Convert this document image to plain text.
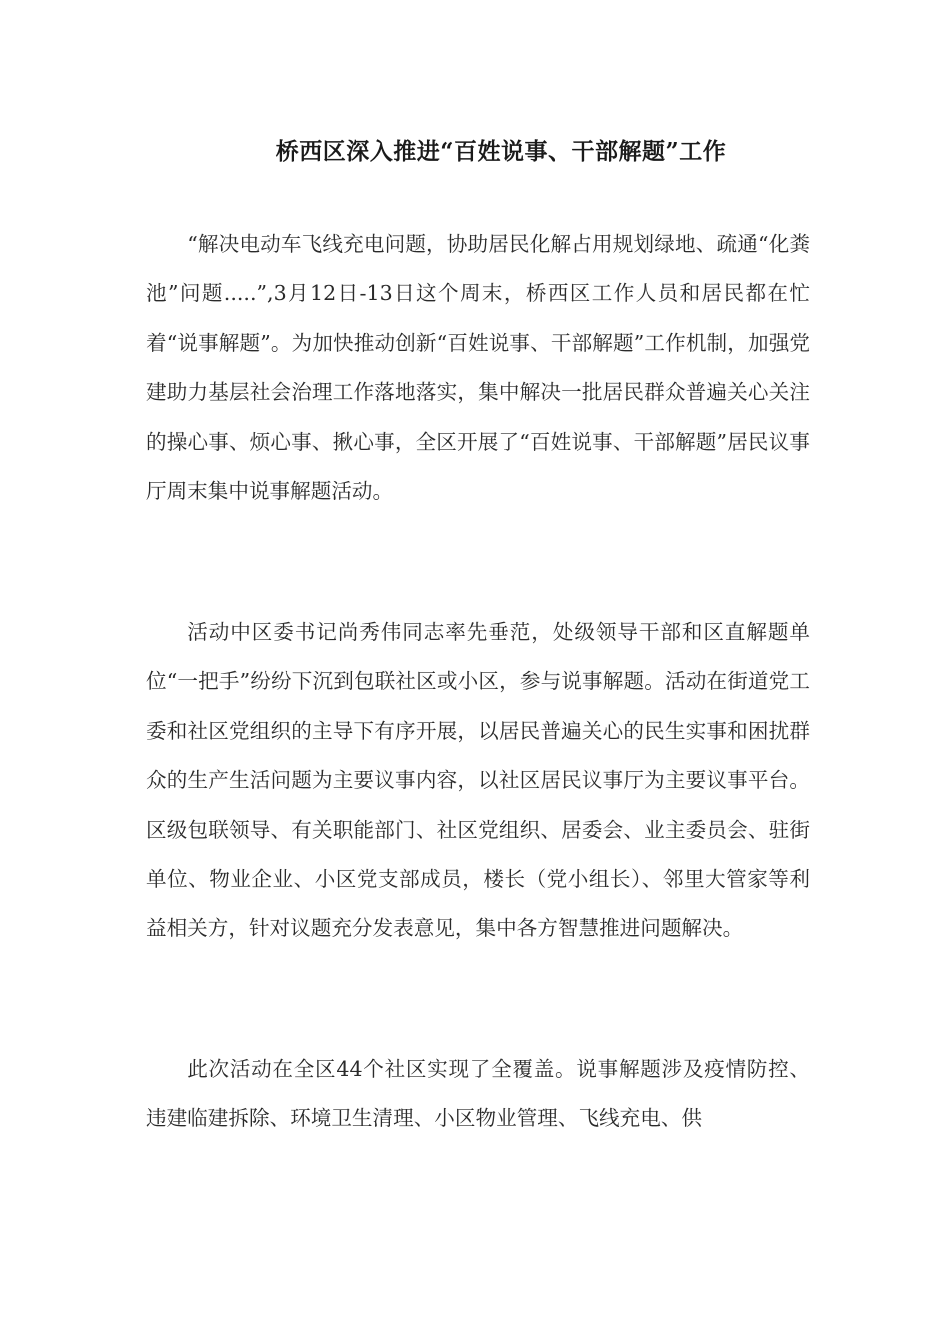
桥西区深入推进“百姓说事、干部解题”工作

“解决电动车飞线充电问题，协助居民化解占用规划绿地、疏通“化粪池”问题.....”,3月12日-13日这个周末，桥西区工作人员和居民都在忙着“说事解题”。为加快推动创新“百姓说事、干部解题”工作机制，加强党建助力基层社会治理工作落地落实，集中解决一批居民群众普遍关心关注的操心事、烦心事、揪心事，全区开展了“百姓说事、干部解题”居民议事厅周末集中说事解题活动。

活动中区委书记尚秀伟同志率先垂范，处级领导干部和区直解题单位“一把手”纷纷下沉到包联社区或小区，参与说事解题。活动在街道党工委和社区党组织的主导下有序开展，以居民普遍关心的民生实事和困扰群众的生产生活问题为主要议事内容，以社区居民议事厅为主要议事平台。区级包联领导、有关职能部门、社区党组织、居委会、业主委员会、驻街单位、物业企业、小区党支部成员，楼长（党小组长）、邻里大管家等利益相关方，针对议题充分发表意见，集中各方智慧推进问题解决。

此次活动在全区44个社区实现了全覆盖。说事解题涉及疫情防控、违建临建拆除、环境卫生清理、小区物业管理、飞线充电、供
